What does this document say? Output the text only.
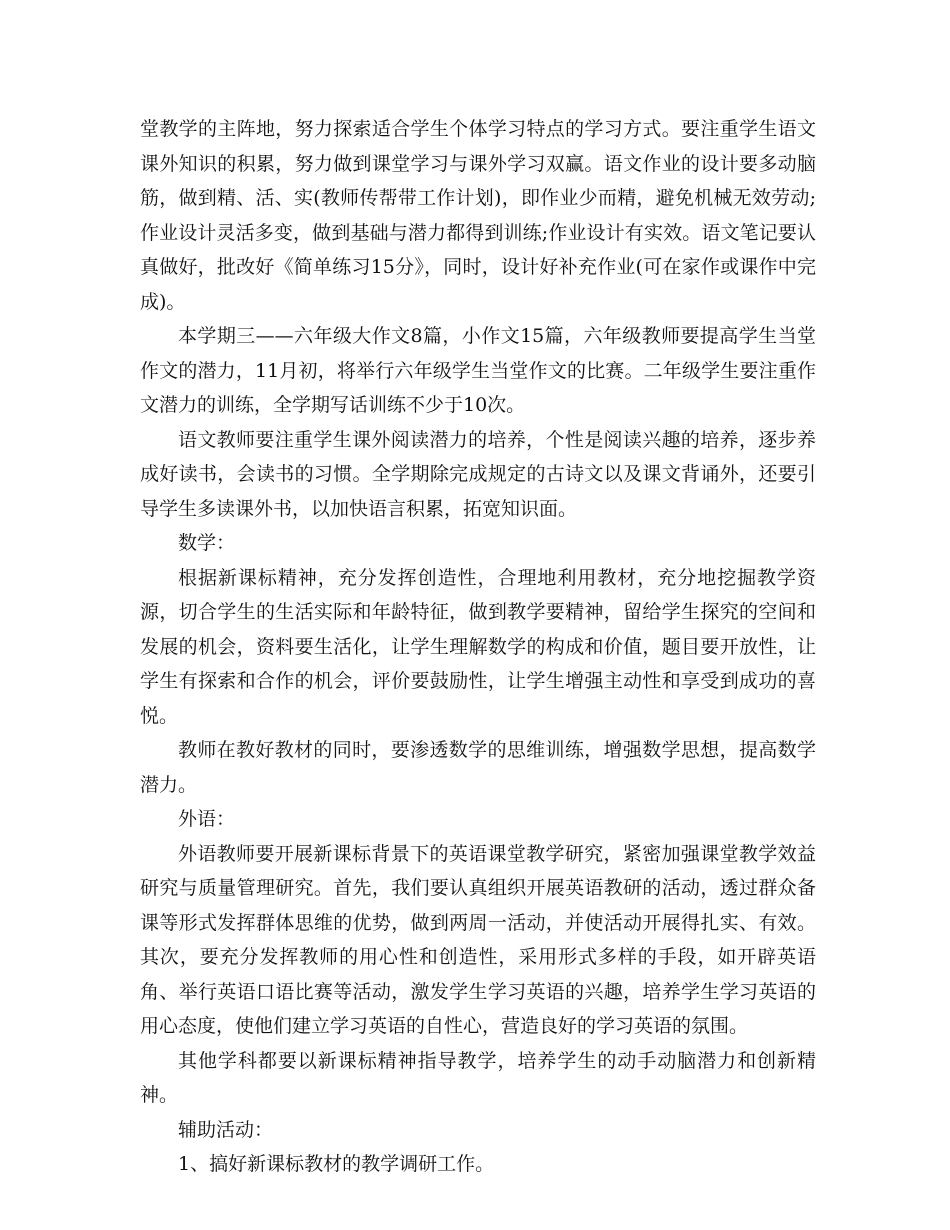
堂教学的主阵地，努力探索适合学生个体学习特点的学习方式。要注重学生语文课外知识的积累，努力做到课堂学习与课外学习双赢。语文作业的设计要多动脑筋，做到精、活、实(教师传帮带工作计划)，即作业少而精，避免机械无效劳动;作业设计灵活多变，做到基础与潜力都得到训练;作业设计有实效。语文笔记要认真做好，批改好《简单练习15分》，同时，设计好补充作业(可在家作或课作中完成)。

本学期三——六年级大作文8篇，小作文15篇，六年级教师要提高学生当堂作文的潜力，11月初，将举行六年级学生当堂作文的比赛。二年级学生要注重作文潜力的训练，全学期写话训练不少于10次。

语文教师要注重学生课外阅读潜力的培养，个性是阅读兴趣的培养，逐步养成好读书，会读书的习惯。全学期除完成规定的古诗文以及课文背诵外，还要引导学生多读课外书，以加快语言积累，拓宽知识面。

数学：

根据新课标精神，充分发挥创造性，合理地利用教材，充分地挖掘教学资源，切合学生的生活实际和年龄特征，做到教学要精神，留给学生探究的空间和发展的机会，资料要生活化，让学生理解数学的构成和价值，题目要开放性，让学生有探索和合作的机会，评价要鼓励性，让学生增强主动性和享受到成功的喜悦。

教师在教好教材的同时，要渗透数学的思维训练，增强数学思想，提高数学潜力。

外语：

外语教师要开展新课标背景下的英语课堂教学研究，紧密加强课堂教学效益研究与质量管理研究。首先，我们要认真组织开展英语教研的活动，透过群众备课等形式发挥群体思维的优势，做到两周一活动，并使活动开展得扎实、有效。其次，要充分发挥教师的用心性和创造性，采用形式多样的手段，如开辟英语角、举行英语口语比赛等活动，激发学生学习英语的兴趣，培养学生学习英语的用心态度，使他们建立学习英语的自性心，营造良好的学习英语的氛围。

其他学科都要以新课标精神指导教学，培养学生的动手动脑潜力和创新精神。

辅助活动：

1、搞好新课标教材的教学调研工作。
